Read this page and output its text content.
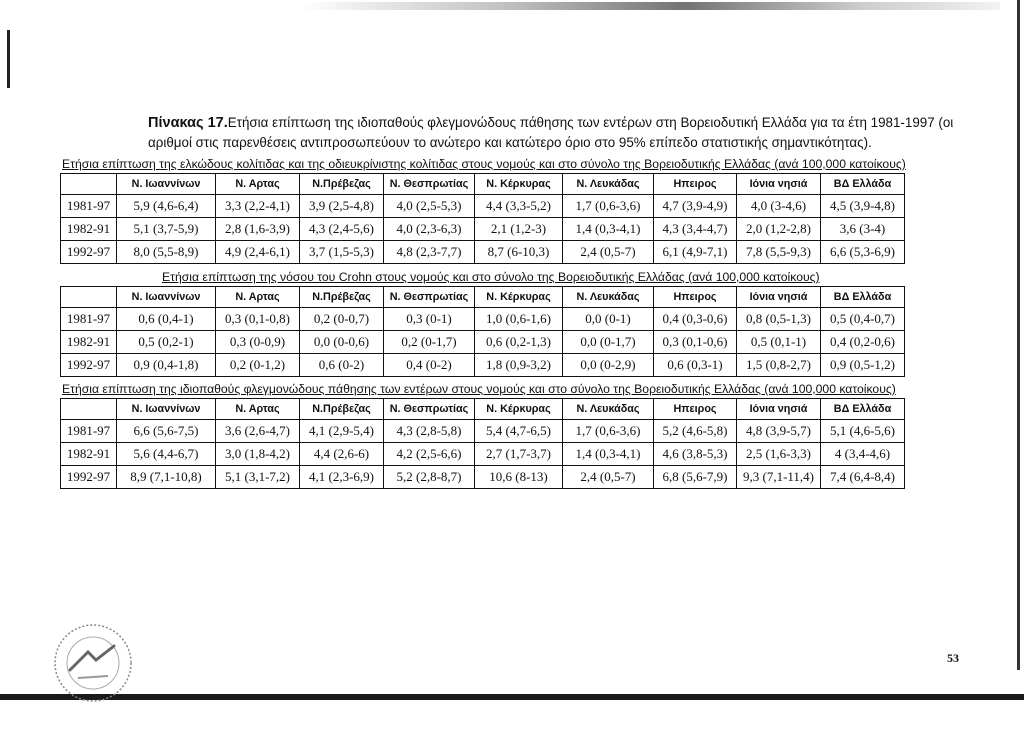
Πίνακας 17.Ετήσια επίπτωση της ιδιοπαθούς φλεγμονώδους πάθησης των εντέρων στη Βορειοδυτική Ελλάδα για τα έτη 1981-1997 (οι αριθμοί στις παρενθέσεις αντιπροσωπεύουν το ανώτερο και κατώτερο όριο στο 95% επίπεδο στατιστικής σημαντικότητας).
Ετήσια επίπτωση της ελκώδους κολίτιδας και της οδιευκρίνιστης κολίτιδας στους νομούς και στο σύνολο της Βορειοδυτικής Ελλάδας (ανά 100,000 κατοίκους)
	Ν. Ιωαννίνων	Ν. Αρτας	Ν.Πρέβεζας	Ν. Θεσπρωτίας	Ν. Κέρκυρας	Ν. Λευκάδας	Ηπειρος	Ιόνια νησιά	ΒΔ Ελλάδα
1981-97	5,9 (4,6-6,4)	3,3 (2,2-4,1)	3,9 (2,5-4,8)	4,0 (2,5-5,3)	4,4 (3,3-5,2)	1,7 (0,6-3,6)	4,7 (3,9-4,9)	4,0 (3-4,6)	4,5 (3,9-4,8)
1982-91	5,1 (3,7-5,9)	2,8 (1,6-3,9)	4,3 (2,4-5,6)	4,0 (2,3-6,3)	2,1 (1,2-3)	1,4 (0,3-4,1)	4,3 (3,4-4,7)	2,0 (1,2-2,8)	3,6 (3-4)
1992-97	8,0 (5,5-8,9)	4,9 (2,4-6,1)	3,7 (1,5-5,3)	4,8 (2,3-7,7)	8,7 (6-10,3)	2,4 (0,5-7)	6,1 (4,9-7,1)	7,8 (5,5-9,3)	6,6 (5,3-6,9)
Ετήσια επίπτωση της νόσου του Crohn στους νομούς και στο σύνολο της Βορειοδυτικής Ελλάδας (ανά 100,000 κατοίκους)
	Ν. Ιωαννίνων	Ν. Αρτας	Ν.Πρέβεζας	Ν. Θεσπρωτίας	Ν. Κέρκυρας	Ν. Λευκάδας	Ηπειρος	Ιόνια νησιά	ΒΔ Ελλάδα
1981-97	0,6 (0,4-1)	0,3 (0,1-0,8)	0,2 (0-0,7)	0,3 (0-1)	1,0 (0,6-1,6)	0,0 (0-1)	0,4 (0,3-0,6)	0,8 (0,5-1,3)	0,5 (0,4-0,7)
1982-91	0,5 (0,2-1)	0,3 (0-0,9)	0,0 (0-0,6)	0,2 (0-1,7)	0,6 (0,2-1,3)	0,0 (0-1,7)	0,3 (0,1-0,6)	0,5 (0,1-1)	0,4 (0,2-0,6)
1992-97	0,9 (0,4-1,8)	0,2 (0-1,2)	0,6 (0-2)	0,4 (0-2)	1,8 (0,9-3,2)	0,0 (0-2,9)	0,6 (0,3-1)	1,5 (0,8-2,7)	0,9 (0,5-1,2)
Ετήσια επίπτωση της ιδιοπαθούς φλεγμονώδους πάθησης των εντέρων στους νομούς και στο σύνολο της Βορειοδυτικής Ελλάδας (ανά 100,000 κατοίκους)
	Ν. Ιωαννίνων	Ν. Αρτας	Ν.Πρέβεζας	Ν. Θεσπρωτίας	Ν. Κέρκυρας	Ν. Λευκάδας	Ηπειρος	Ιόνια νησιά	ΒΔ Ελλάδα
1981-97	6,6 (5,6-7,5)	3,6 (2,6-4,7)	4,1 (2,9-5,4)	4,3 (2,8-5,8)	5,4 (4,7-6,5)	1,7 (0,6-3,6)	5,2 (4,6-5,8)	4,8 (3,9-5,7)	5,1 (4,6-5,6)
1982-91	5,6 (4,4-6,7)	3,0 (1,8-4,2)	4,4 (2,6-6)	4,2 (2,5-6,6)	2,7 (1,7-3,7)	1,4 (0,3-4,1)	4,6 (3,8-5,3)	2,5 (1,6-3,3)	4 (3,4-4,6)
1992-97	8,9 (7,1-10,8)	5,1 (3,1-7,2)	4,1 (2,3-6,9)	5,2 (2,8-8,7)	10,6 (8-13)	2,4 (0,5-7)	6,8 (5,6-7,9)	9,3 (7,1-11,4)	7,4 (6,4-8,4)
53
